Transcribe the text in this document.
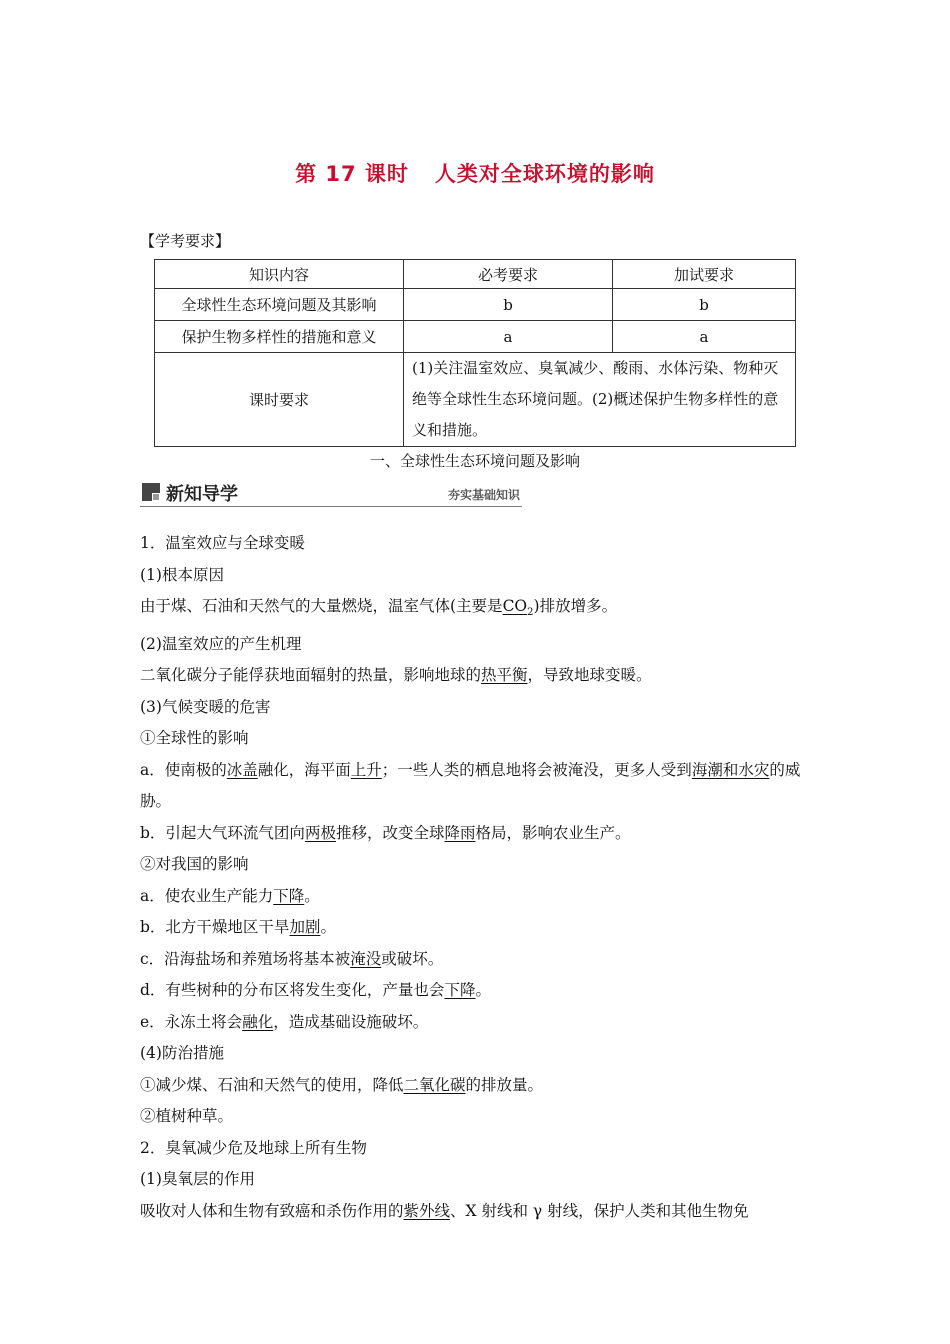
第 17 课时 人类对全球环境的影响
【学考要求】
知识内容	必考要求	加试要求
全球性生态环境问题及其影响	b	b
保护生物多样性的措施和意义	a	a
课时要求	(1)关注温室效应、臭氧减少、酸雨、水体污染、物种灭绝等全球性生态环境问题。(2)概述保护生物多样性的意义和措施。	
一、全球性生态环境问题及影响
新知导学	夯实基础知识

1．温室效应与全球变暖

(1)根本原因

由于煤、石油和天然气的大量燃烧，温室气体(主要是$CO_2$)排放增多。

(2)温室效应的产生机理

二氧化碳分子能俘获地面辐射的热量，影响地球的热平衡，导致地球变暖。

(3)气候变暖的危害

①全球性的影响

a．使南极的冰盖融化，海平面上升；一些人类的栖息地将会被淹没，更多人受到海潮和水灾的威胁。

b．引起大气环流气团向两极推移，改变全球降雨格局，影响农业生产。

②对我国的影响

a．使农业生产能力下降。

b．北方干燥地区干旱加剧。

c．沿海盐场和养殖场将基本被淹没或破坏。

d．有些树种的分布区将发生变化，产量也会下降。

e．永冻土将会融化，造成基础设施破坏。

(4)防治措施

①减少煤、石油和天然气的使用，降低二氧化碳的排放量。

②植树种草。

2．臭氧减少危及地球上所有生物

(1)臭氧层的作用

吸收对人体和生物有致癌和杀伤作用的紫外线、X 射线和 γ 射线，保护人类和其他生物免
